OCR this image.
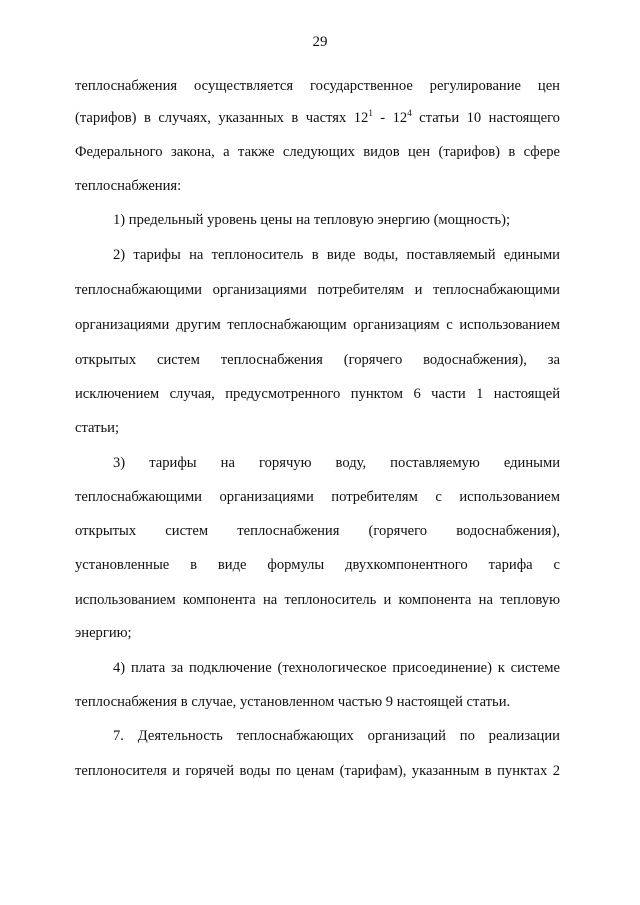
29
теплоснабжения осуществляется государственное регулирование цен
(тарифов) в случаях, указанных в частях $12^1 - 12^4$ статьи 10 настоящего
Федерального закона, а также следующих видов цен (тарифов) в сфере
теплоснабжения:
1) предельный уровень цены на тепловую энергию (мощность);
2) тарифы на теплоноситель в виде воды, поставляемый едиными
теплоснабжающими организациями потребителям и теплоснабжающими
организациями другим теплоснабжающим организациям с использованием
открытых систем теплоснабжения (горячего водоснабжения), за
исключением случая, предусмотренного пунктом 6 части 1 настоящей
статьи;
3) тарифы на горячую воду, поставляемую едиными
теплоснабжающими организациями потребителям с использованием
открытых систем теплоснабжения (горячего водоснабжения),
установленные в виде формулы двухкомпонентного тарифа с
использованием компонента на теплоноситель и компонента на тепловую
энергию;
4) плата за подключение (технологическое присоединение) к системе
теплоснабжения в случае, установленном частью 9 настоящей статьи.
7. Деятельность теплоснабжающих организаций по реализации
теплоносителя и горячей воды по ценам (тарифам), указанным в пунктах 2
